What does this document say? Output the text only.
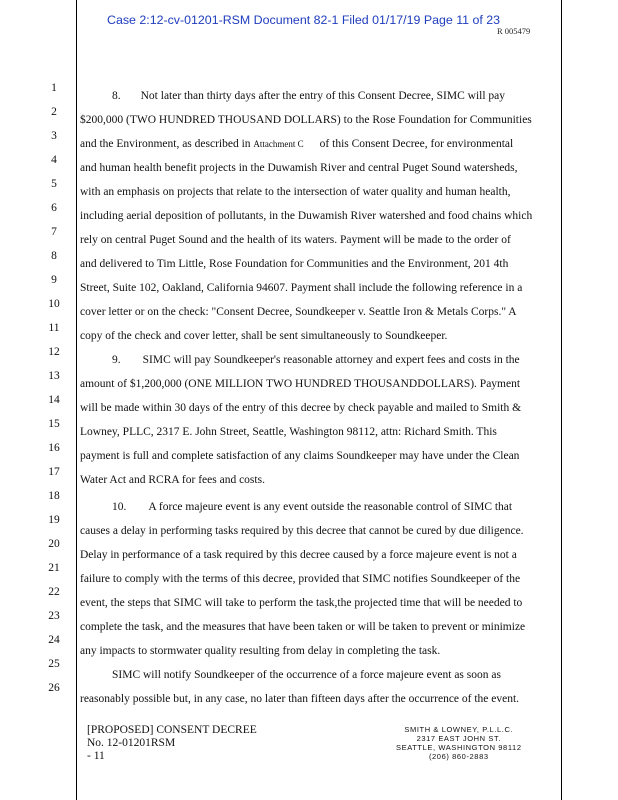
Case 2:12-cv-01201-RSM Document 82-1 Filed 01/17/19 Page 11 of 23
R 005479
1
2
3
4
5
6
7
8
9
10
11
12
13
14
15
16
17
18
19
20
21
22
23
24
25
26
8. Not later than thirty days after the entry of this Consent Decree, SIMC will pay
$200,000 (TWO HUNDRED THOUSAND DOLLARS) to the Rose Foundation for Communities
and the Environment, as described in Attachment C of this Consent Decree, for environmental
and human health benefit projects in the Duwamish River and central Puget Sound watersheds,
with an emphasis on projects that relate to the intersection of water quality and human health,
including aerial deposition of pollutants, in the Duwamish River watershed and food chains which
rely on central Puget Sound and the health of its waters. Payment will be made to the order of
and delivered to Tim Little, Rose Foundation for Communities and the Environment, 201 4th
Street, Suite 102, Oakland, California 94607. Payment shall include the following reference in a
cover letter or on the check: "Consent Decree, Soundkeeper v. Seattle Iron & Metals Corps." A
copy of the check and cover letter, shall be sent simultaneously to Soundkeeper.
9. SIMC will pay Soundkeeper's reasonable attorney and expert fees and costs in the
amount of $1,200,000 (ONE MILLION TWO HUNDRED THOUSANDDOLLARS). Payment
will be made within 30 days of the entry of this decree by check payable and mailed to Smith &
Lowney, PLLC, 2317 E. John Street, Seattle, Washington 98112, attn: Richard Smith. This
payment is full and complete satisfaction of any claims Soundkeeper may have under the Clean
Water Act and RCRA for fees and costs.
10. A force majeure event is any event outside the reasonable control of SIMC that
causes a delay in performing tasks required by this decree that cannot be cured by due diligence.
Delay in performance of a task required by this decree caused by a force majeure event is not a
failure to comply with the terms of this decree, provided that SIMC notifies Soundkeeper of the
event, the steps that SIMC will take to perform the task,the projected time that will be needed to
complete the task, and the measures that have been taken or will be taken to prevent or minimize
any impacts to stormwater quality resulting from delay in completing the task.
SIMC will notify Soundkeeper of the occurrence of a force majeure event as soon as
reasonably possible but, in any case, no later than fifteen days after the occurrence of the event.
[PROPOSED] CONSENT DECREE
No. 12-01201RSM
- 11
SMITH & LOWNEY, P.L.L.C.
2317 EAST JOHN ST.
SEATTLE, WASHINGTON 98112
(206) 860-2883
